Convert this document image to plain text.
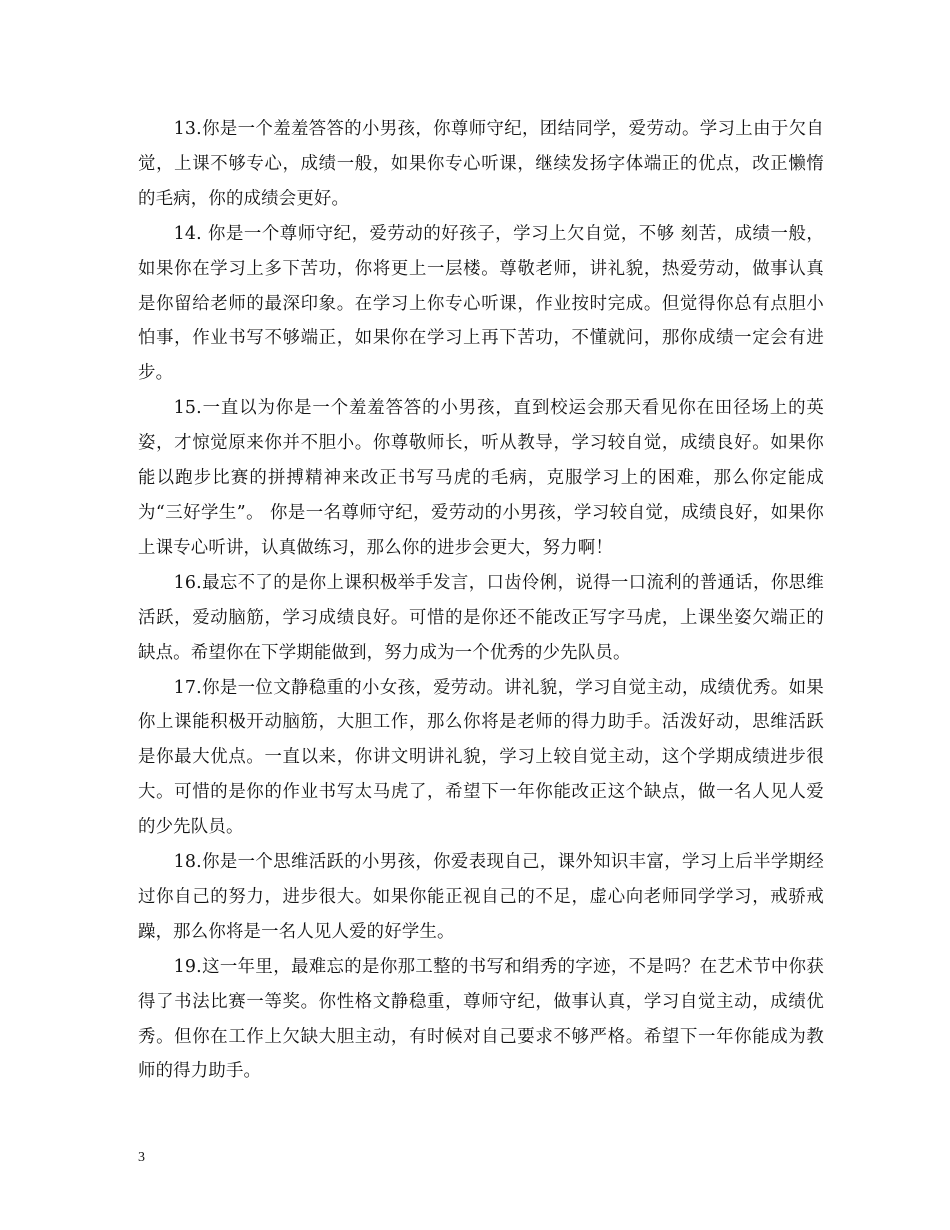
13.你是一个羞羞答答的小男孩，你尊师守纪，团结同学，爱劳动。学习上由于欠自觉，上课不够专心，成绩一般，如果你专心听课，继续发扬字体端正的优点，改正懒惰的毛病，你的成绩会更好。

14. 你是一个尊师守纪，爱劳动的好孩子，学习上欠自觉，不够 刻苦，成绩一般，如果你在学习上多下苦功，你将更上一层楼。尊敬老师，讲礼貌，热爱劳动，做事认真是你留给老师的最深印象。在学习上你专心听课，作业按时完成。但觉得你总有点胆小怕事，作业书写不够端正，如果你在学习上再下苦功，不懂就问，那你成绩一定会有进步。

15.一直以为你是一个羞羞答答的小男孩，直到校运会那天看见你在田径场上的英姿，才惊觉原来你并不胆小。你尊敬师长，听从教导，学习较自觉，成绩良好。如果你能以跑步比赛的拼搏精神来改正书写马虎的毛病，克服学习上的困难，那么你定能成为“三好学生”。 你是一名尊师守纪，爱劳动的小男孩，学习较自觉，成绩良好，如果你上课专心听讲，认真做练习，那么你的进步会更大，努力啊！

16.最忘不了的是你上课积极举手发言，口齿伶俐，说得一口流利的普通话，你思维活跃，爱动脑筋，学习成绩良好。可惜的是你还不能改正写字马虎，上课坐姿欠端正的缺点。希望你在下学期能做到，努力成为一个优秀的少先队员。

17.你是一位文静稳重的小女孩，爱劳动。讲礼貌，学习自觉主动，成绩优秀。如果你上课能积极开动脑筋，大胆工作，那么你将是老师的得力助手。活泼好动，思维活跃是你最大优点。一直以来，你讲文明讲礼貌，学习上较自觉主动，这个学期成绩进步很大。可惜的是你的作业书写太马虎了，希望下一年你能改正这个缺点，做一名人见人爱的少先队员。

18.你是一个思维活跃的小男孩，你爱表现自己，课外知识丰富，学习上后半学期经过你自己的努力，进步很大。如果你能正视自己的不足，虚心向老师同学学习，戒骄戒躁，那么你将是一名人见人爱的好学生。

19.这一年里，最难忘的是你那工整的书写和绢秀的字迹，不是吗？在艺术节中你获得了书法比赛一等奖。你性格文静稳重，尊师守纪，做事认真，学习自觉主动，成绩优秀。但你在工作上欠缺大胆主动，有时候对自己要求不够严格。希望下一年你能成为教师的得力助手。

3
